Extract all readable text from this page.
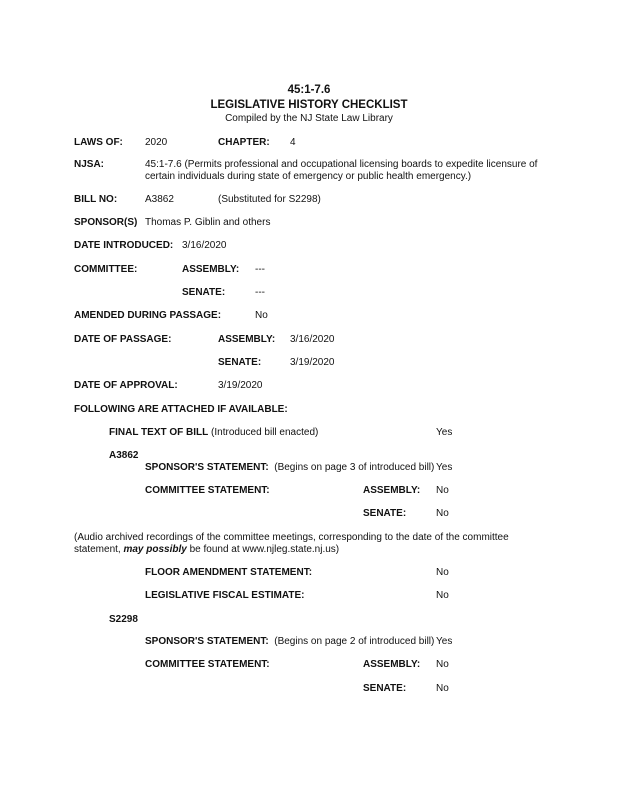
45:1-7.6
LEGISLATIVE HISTORY CHECKLIST
Compiled by the NJ State Law Library
LAWS OF: 2020	CHAPTER: 4
NJSA:	45:1-7.6 (Permits professional and occupational licensing boards to expedite licensure of
certain individuals during state of emergency or public health emergency.)
BILL NO:	A3862	(Substituted for S2298)
SPONSOR(S) Thomas P. Giblin and others
DATE INTRODUCED: 3/16/2020
COMMITTEE:	ASSEMBLY: ---
SENATE:	---
AMENDED DURING PASSAGE:	No
DATE OF PASSAGE:	ASSEMBLY: 3/16/2020
SENATE:	3/19/2020
DATE OF APPROVAL:	3/19/2020
FOLLOWING ARE ATTACHED IF AVAILABLE:
FINAL TEXT OF BILL (Introduced bill enacted)	Yes
A3862
SPONSOR'S STATEMENT: (Begins on page 3 of introduced bill) Yes
COMMITTEE STATEMENT:	ASSEMBLY: No
SENATE:	No
(Audio archived recordings of the committee meetings, corresponding to the date of the committee
statement, may possibly be found at www.njleg.state.nj.us)
FLOOR AMENDMENT STATEMENT:	No
LEGISLATIVE FISCAL ESTIMATE:	No
S2298
SPONSOR'S STATEMENT: (Begins on page 2 of introduced bill) Yes
COMMITTEE STATEMENT:	ASSEMBLY: No
SENATE:	No
